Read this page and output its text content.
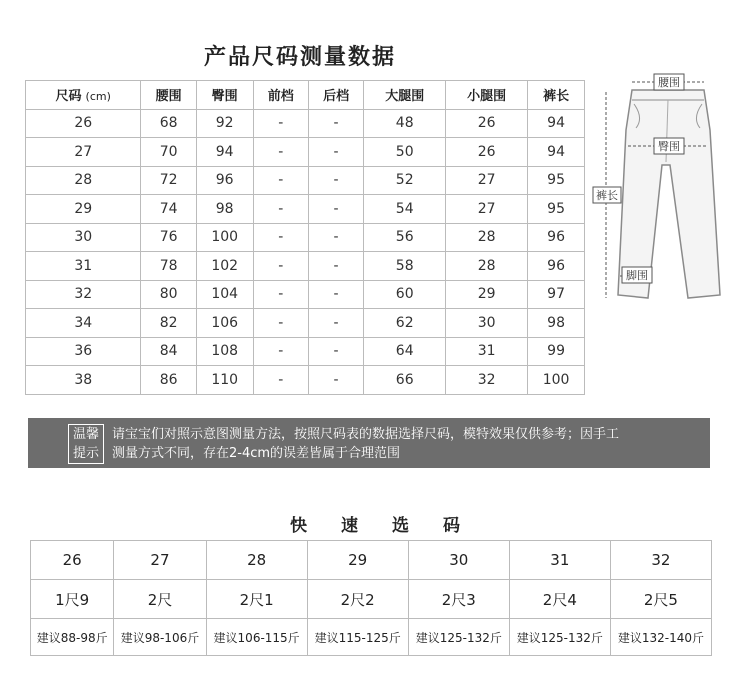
产品尺码测量数据
尺码 (cm)	腰围	臀围	前档	后档	大腿围	小腿围	裤长
26	68	92	-	-	48	26	94
27	70	94	-	-	50	26	94
28	72	96	-	-	52	27	95
29	74	98	-	-	54	27	95
30	76	100	-	-	56	28	96
31	78	102	-	-	58	28	96
32	80	104	-	-	60	29	97
34	82	106	-	-	62	30	98
36	84	108	-	-	64	31	99
38	86	110	-	-	66	32	100
腰围
臀围
裤长
脚围
温馨
提示
请宝宝们对照示意图测量方法，按照尺码表的数据选择尺码，模特效果仅供参考；因手工
测量方式不同，存在2-4cm的误差皆属于合理范围
快速选码
26	27	28	29	30	31	32
1尺9	2尺	2尺1	2尺2	2尺3	2尺4	2尺5
建议88-98斤	建议98-106斤	建议106-115斤	建议115-125斤	建议125-132斤	建议125-132斤	建议132-140斤
